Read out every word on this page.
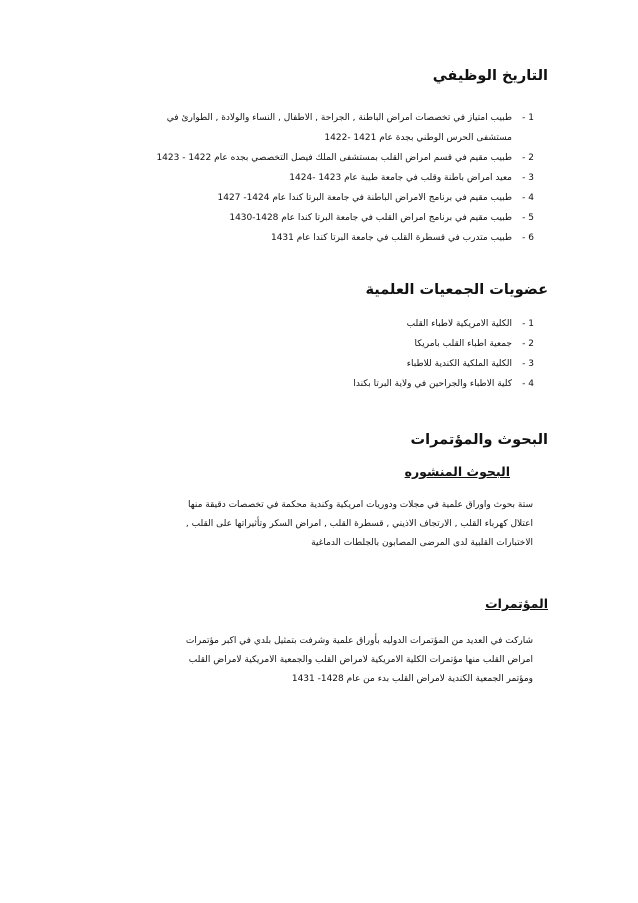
التاريخ الوظيفي
1 -
طبيب امتياز في تخصصات امراض الباطنة , الجراحة , الاطفال , النساء والولادة , الطوارئ في
مستشفى الحرس الوطني بجدة عام 1421 -1422
2 -
طبيب مقيم في قسم امراض القلب بمستشفى الملك فيصل التخصصي بجده عام 1422 - 1423
3 -
معيد امراض باطنة وقلب في جامعة طيبة عام 1423 -1424
4 -
طبيب مقيم في برنامج الامراض الباطنة في جامعة البرتا كندا عام 1424- 1427
5 -
طبيب مقيم في برنامج امراض القلب في جامعة البرتا كندا عام 1428-1430
6 -
طبيب متدرب في قسطرة القلب في جامعة البرتا كندا عام 1431
عضويات الجمعيات العلمية
1 -
الكلية الامريكية لاطباء القلب
2 -
جمعية اطباء القلب بامريكا
3 -
الكلية الملكية الكندية للاطباء
4 -
كلية الاطباء والجراحين في ولاية البرتا بكندا
البحوث والمؤتمرات
البحوث المنشوره

ستة بحوث واوراق علمية في مجلات ودوريات امريكية وكندية محكمة في تخصصات دقيقة منها
اعتلال كهرباء القلب , الارتجاف الاذيني , قسطرة القلب , امراض السكر وتأثيراتها على القلب ,
الاختبارات القلبية لدى المرضى المصابون بالجلطات الدماغية

المؤتمرات

شاركت في العديد من المؤتمرات الدوليه بأوراق علمية وشرفت بتمثيل بلدي في اكبر مؤتمرات
امراض القلب منها مؤتمرات الكلية الامريكية لامراض القلب والجمعية الامريكية لامراض القلب
ومؤتمر الجمعية الكندية لامراض القلب بدء من عام 1428- 1431
